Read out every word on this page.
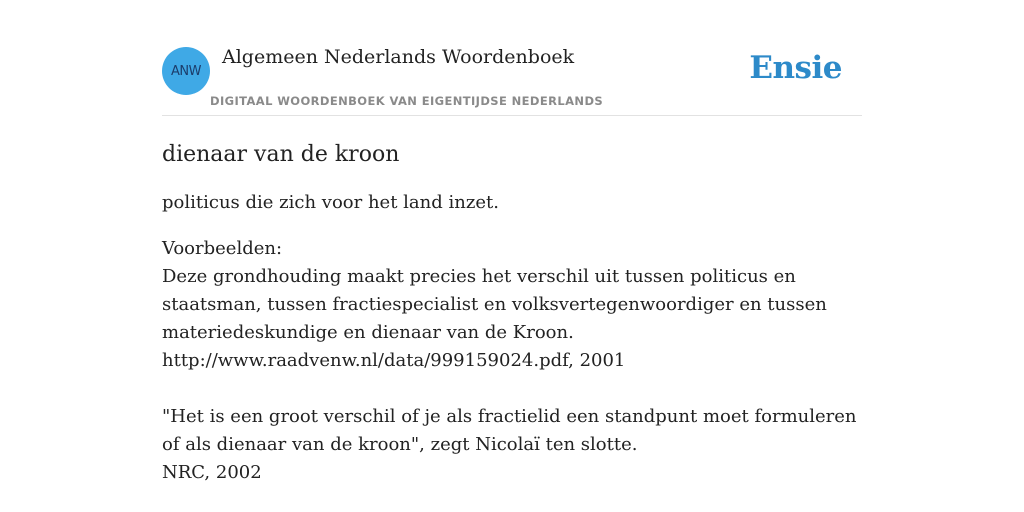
ANW
Algemeen Nederlands Woordenboek
DIGITAAL WOORDENBOEK VAN EIGENTIJDSE NEDERLANDS
Ensie
dienaar van de kroon

politicus die zich voor het land inzet.

Voorbeelden:

Deze grondhouding maakt precies het verschil uit tussen politicus en staatsman, tussen fractiespecialist en volksvertegenwoordiger en tussen materiedeskundige en dienaar van de Kroon.

http://www.raadvenw.nl/data/999159024.pdf, 2001

"Het is een groot verschil of je als fractielid een standpunt moet formuleren of als dienaar van de kroon", zegt Nicolaï ten slotte.

NRC, 2002
